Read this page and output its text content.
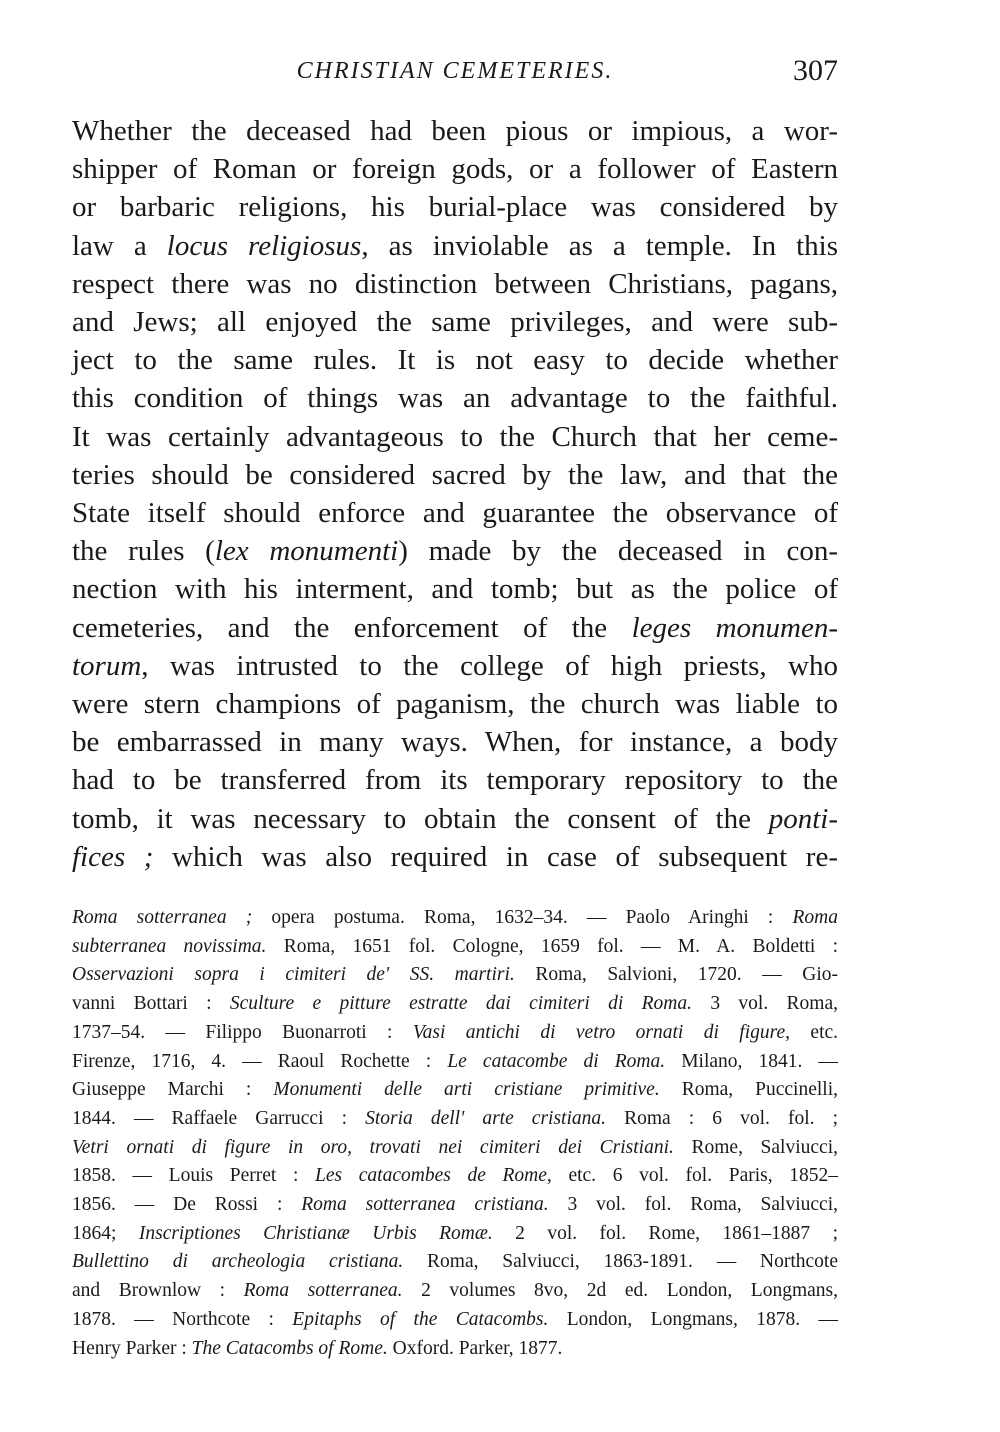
CHRISTIAN CEMETERIES.	307
Whether the deceased had been pious or impious, a wor-
shipper of Roman or foreign gods, or a follower of Eastern
or barbaric religions, his burial-place was considered by
law a locus religiosus, as inviolable as a temple. In this
respect there was no distinction between Christians, pagans,
and Jews; all enjoyed the same privileges, and were sub-
ject to the same rules. It is not easy to decide whether
this condition of things was an advantage to the faithful.
It was certainly advantageous to the Church that her ceme-
teries should be considered sacred by the law, and that the
State itself should enforce and guarantee the observance of
the rules (lex monumenti) made by the deceased in con-
nection with his interment, and tomb; but as the police of
cemeteries, and the enforcement of the leges monumen-
torum, was intrusted to the college of high priests, who
were stern champions of paganism, the church was liable to
be embarrassed in many ways. When, for instance, a body
had to be transferred from its temporary repository to the
tomb, it was necessary to obtain the consent of the ponti-
fices ; which was also required in case of subsequent re-
Roma sotterranea ; opera postuma. Roma, 1632–34. — Paolo Aringhi : Roma
subterranea novissima. Roma, 1651 fol. Cologne, 1659 fol. — M. A. Boldetti :
Osservazioni sopra i cimiteri de' SS. martiri. Roma, Salvioni, 1720. — Gio-
vanni Bottari : Sculture e pitture estratte dai cimiteri di Roma. 3 vol. Roma,
1737–54. — Filippo Buonarroti : Vasi antichi di vetro ornati di figure, etc.
Firenze, 1716, 4. — Raoul Rochette : Le catacombe di Roma. Milano, 1841. —
Giuseppe Marchi : Monumenti delle arti cristiane primitive. Roma, Puccinelli,
1844. — Raffaele Garrucci : Storia dell' arte cristiana. Roma : 6 vol. fol. ;
Vetri ornati di figure in oro, trovati nei cimiteri dei Cristiani. Rome, Salviucci,
1858. — Louis Perret : Les catacombes de Rome, etc. 6 vol. fol. Paris, 1852–
1856. — De Rossi : Roma sotterranea cristiana. 3 vol. fol. Roma, Salviucci,
1864; Inscriptiones Christianæ Urbis Romæ. 2 vol. fol. Rome, 1861–1887 ;
Bullettino di archeologia cristiana. Roma, Salviucci, 1863-1891. — Northcote
and Brownlow : Roma sotterranea. 2 volumes 8vo, 2d ed. London, Longmans,
1878. — Northcote : Epitaphs of the Catacombs. London, Longmans, 1878. —
Henry Parker : The Catacombs of Rome. Oxford. Parker, 1877.
